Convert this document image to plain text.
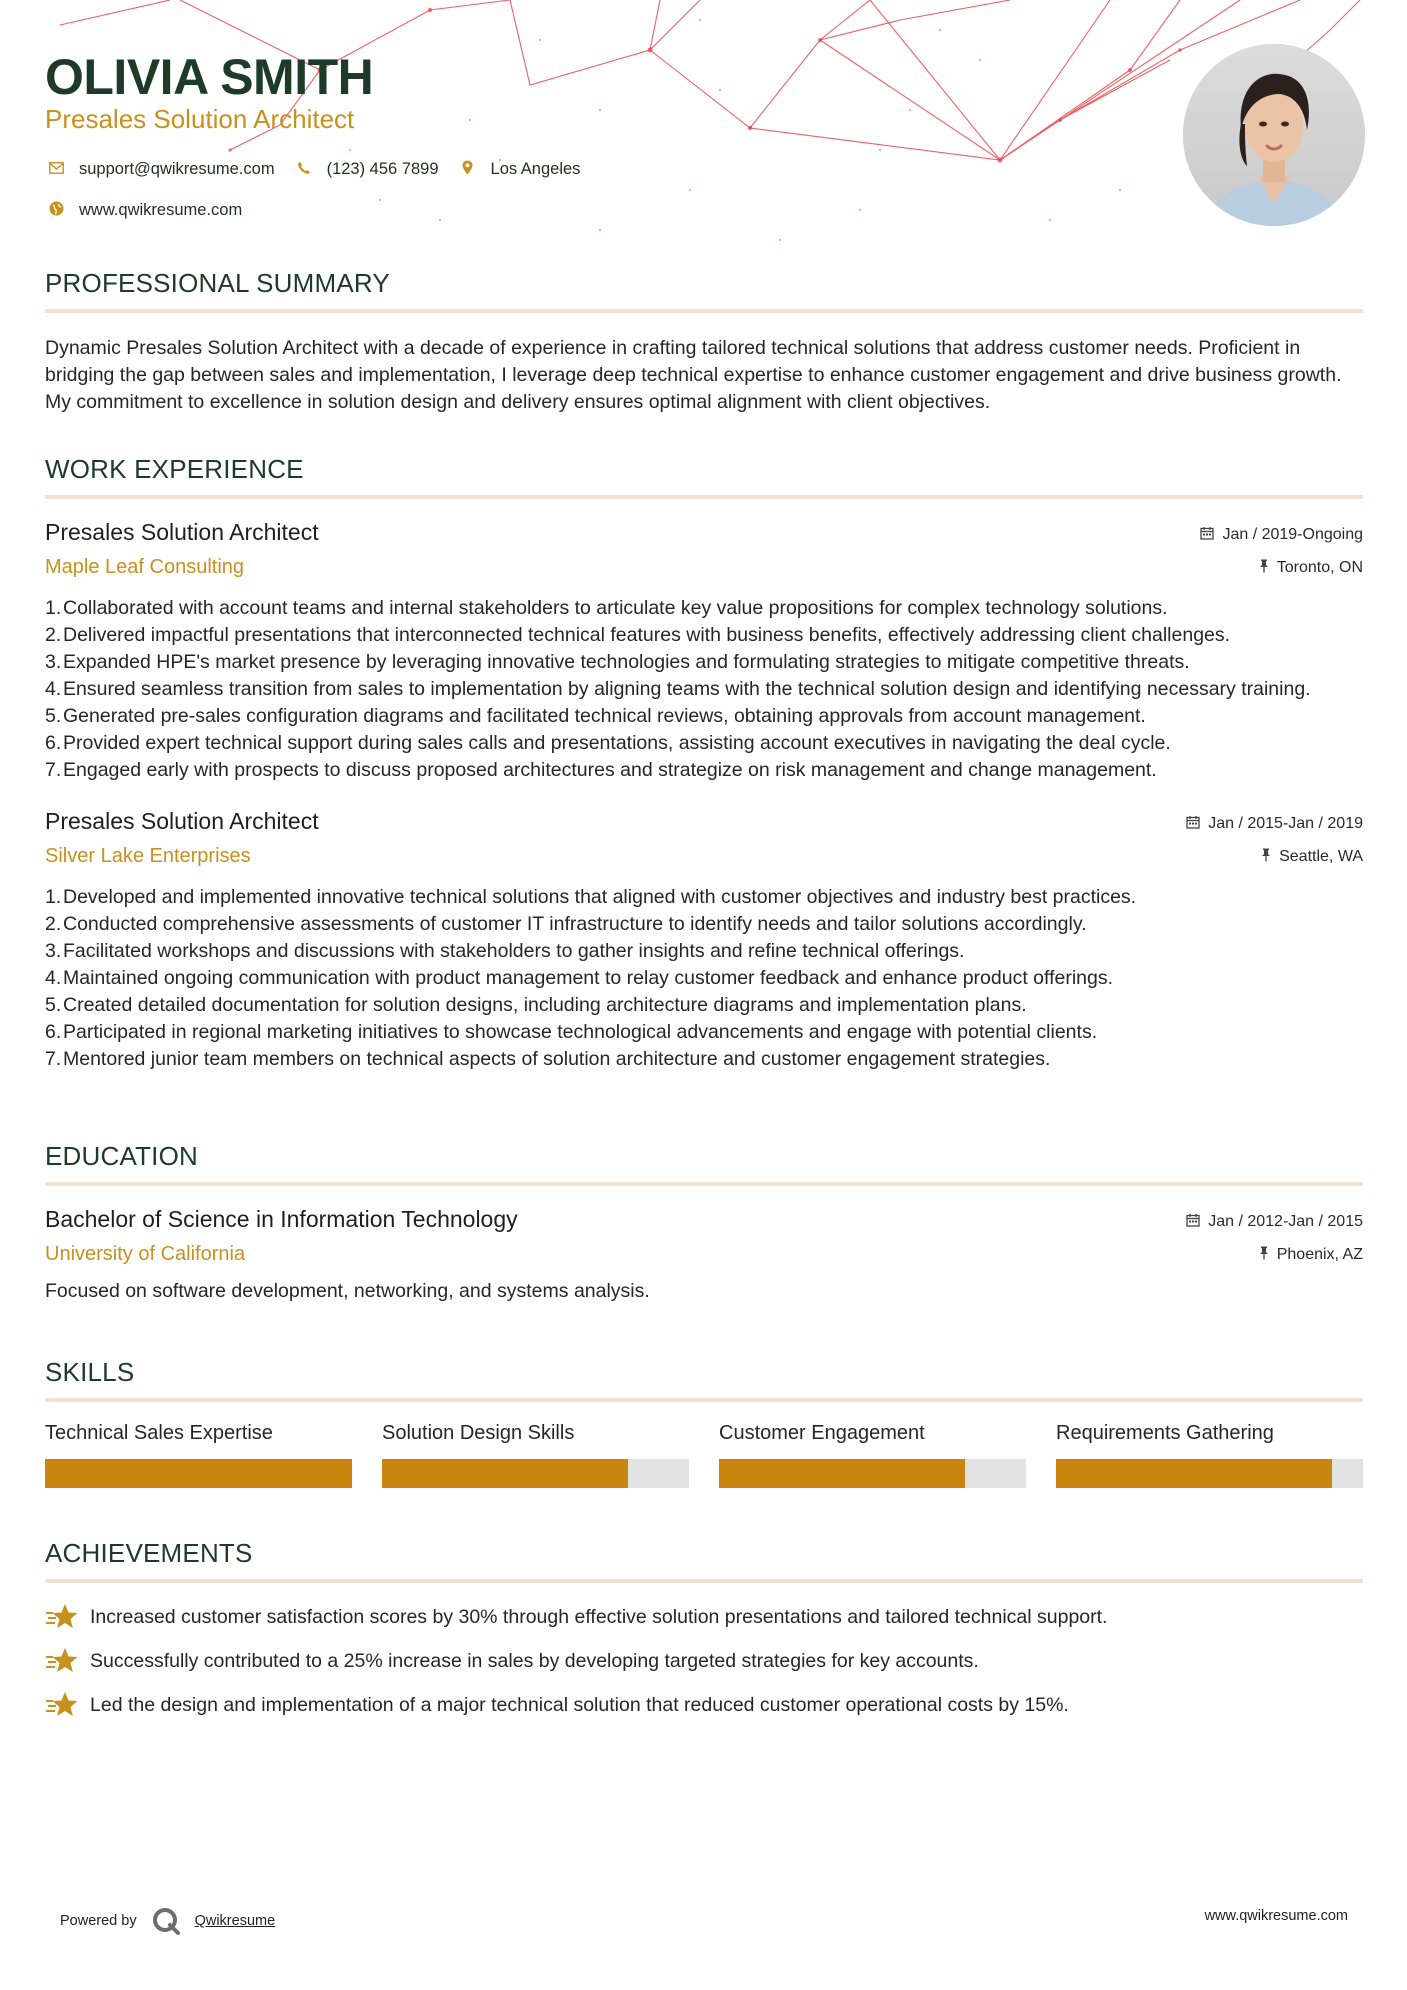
OLIVIA SMITH
Presales Solution Architect
support@qwikresume.com	(123) 456 7899	Los Angeles
www.qwikresume.com
PROFESSIONAL SUMMARY

Dynamic Presales Solution Architect with a decade of experience in crafting tailored technical solutions that address customer needs. Proficient in bridging the gap between sales and implementation, I leverage deep technical expertise to enhance customer engagement and drive business growth. My commitment to excellence in solution design and delivery ensures optimal alignment with client objectives.

WORK EXPERIENCE
Presales Solution Architect	Jan / 2019-Ongoing
Maple Leaf Consulting	Toronto, ON
1. Collaborated with account teams and internal stakeholders to articulate key value propositions for complex technology solutions.
2. Delivered impactful presentations that interconnected technical features with business benefits, effectively addressing client challenges.
3. Expanded HPE's market presence by leveraging innovative technologies and formulating strategies to mitigate competitive threats.
4. Ensured seamless transition from sales to implementation by aligning teams with the technical solution design and identifying necessary training.
5. Generated pre-sales configuration diagrams and facilitated technical reviews, obtaining approvals from account management.
6. Provided expert technical support during sales calls and presentations, assisting account executives in navigating the deal cycle.
7. Engaged early with prospects to discuss proposed architectures and strategize on risk management and change management.
Presales Solution Architect	Jan / 2015-Jan / 2019
Silver Lake Enterprises	Seattle, WA
1. Developed and implemented innovative technical solutions that aligned with customer objectives and industry best practices.
2. Conducted comprehensive assessments of customer IT infrastructure to identify needs and tailor solutions accordingly.
3. Facilitated workshops and discussions with stakeholders to gather insights and refine technical offerings.
4. Maintained ongoing communication with product management to relay customer feedback and enhance product offerings.
5. Created detailed documentation for solution designs, including architecture diagrams and implementation plans.
6. Participated in regional marketing initiatives to showcase technological advancements and engage with potential clients.
7. Mentored junior team members on technical aspects of solution architecture and customer engagement strategies.
EDUCATION
Bachelor of Science in Information Technology	Jan / 2012-Jan / 2015
University of California	Phoenix, AZ

Focused on software development, networking, and systems analysis.

SKILLS
Technical Sales Expertise	Solution Design Skills	Customer Engagement	Requirements Gathering
ACHIEVEMENTS
Increased customer satisfaction scores by 30% through effective solution presentations and tailored technical support.
Successfully contributed to a 25% increase in sales by developing targeted strategies for key accounts.
Led the design and implementation of a major technical solution that reduced customer operational costs by 15%.
Powered by	Qwikresume	www.qwikresume.com
